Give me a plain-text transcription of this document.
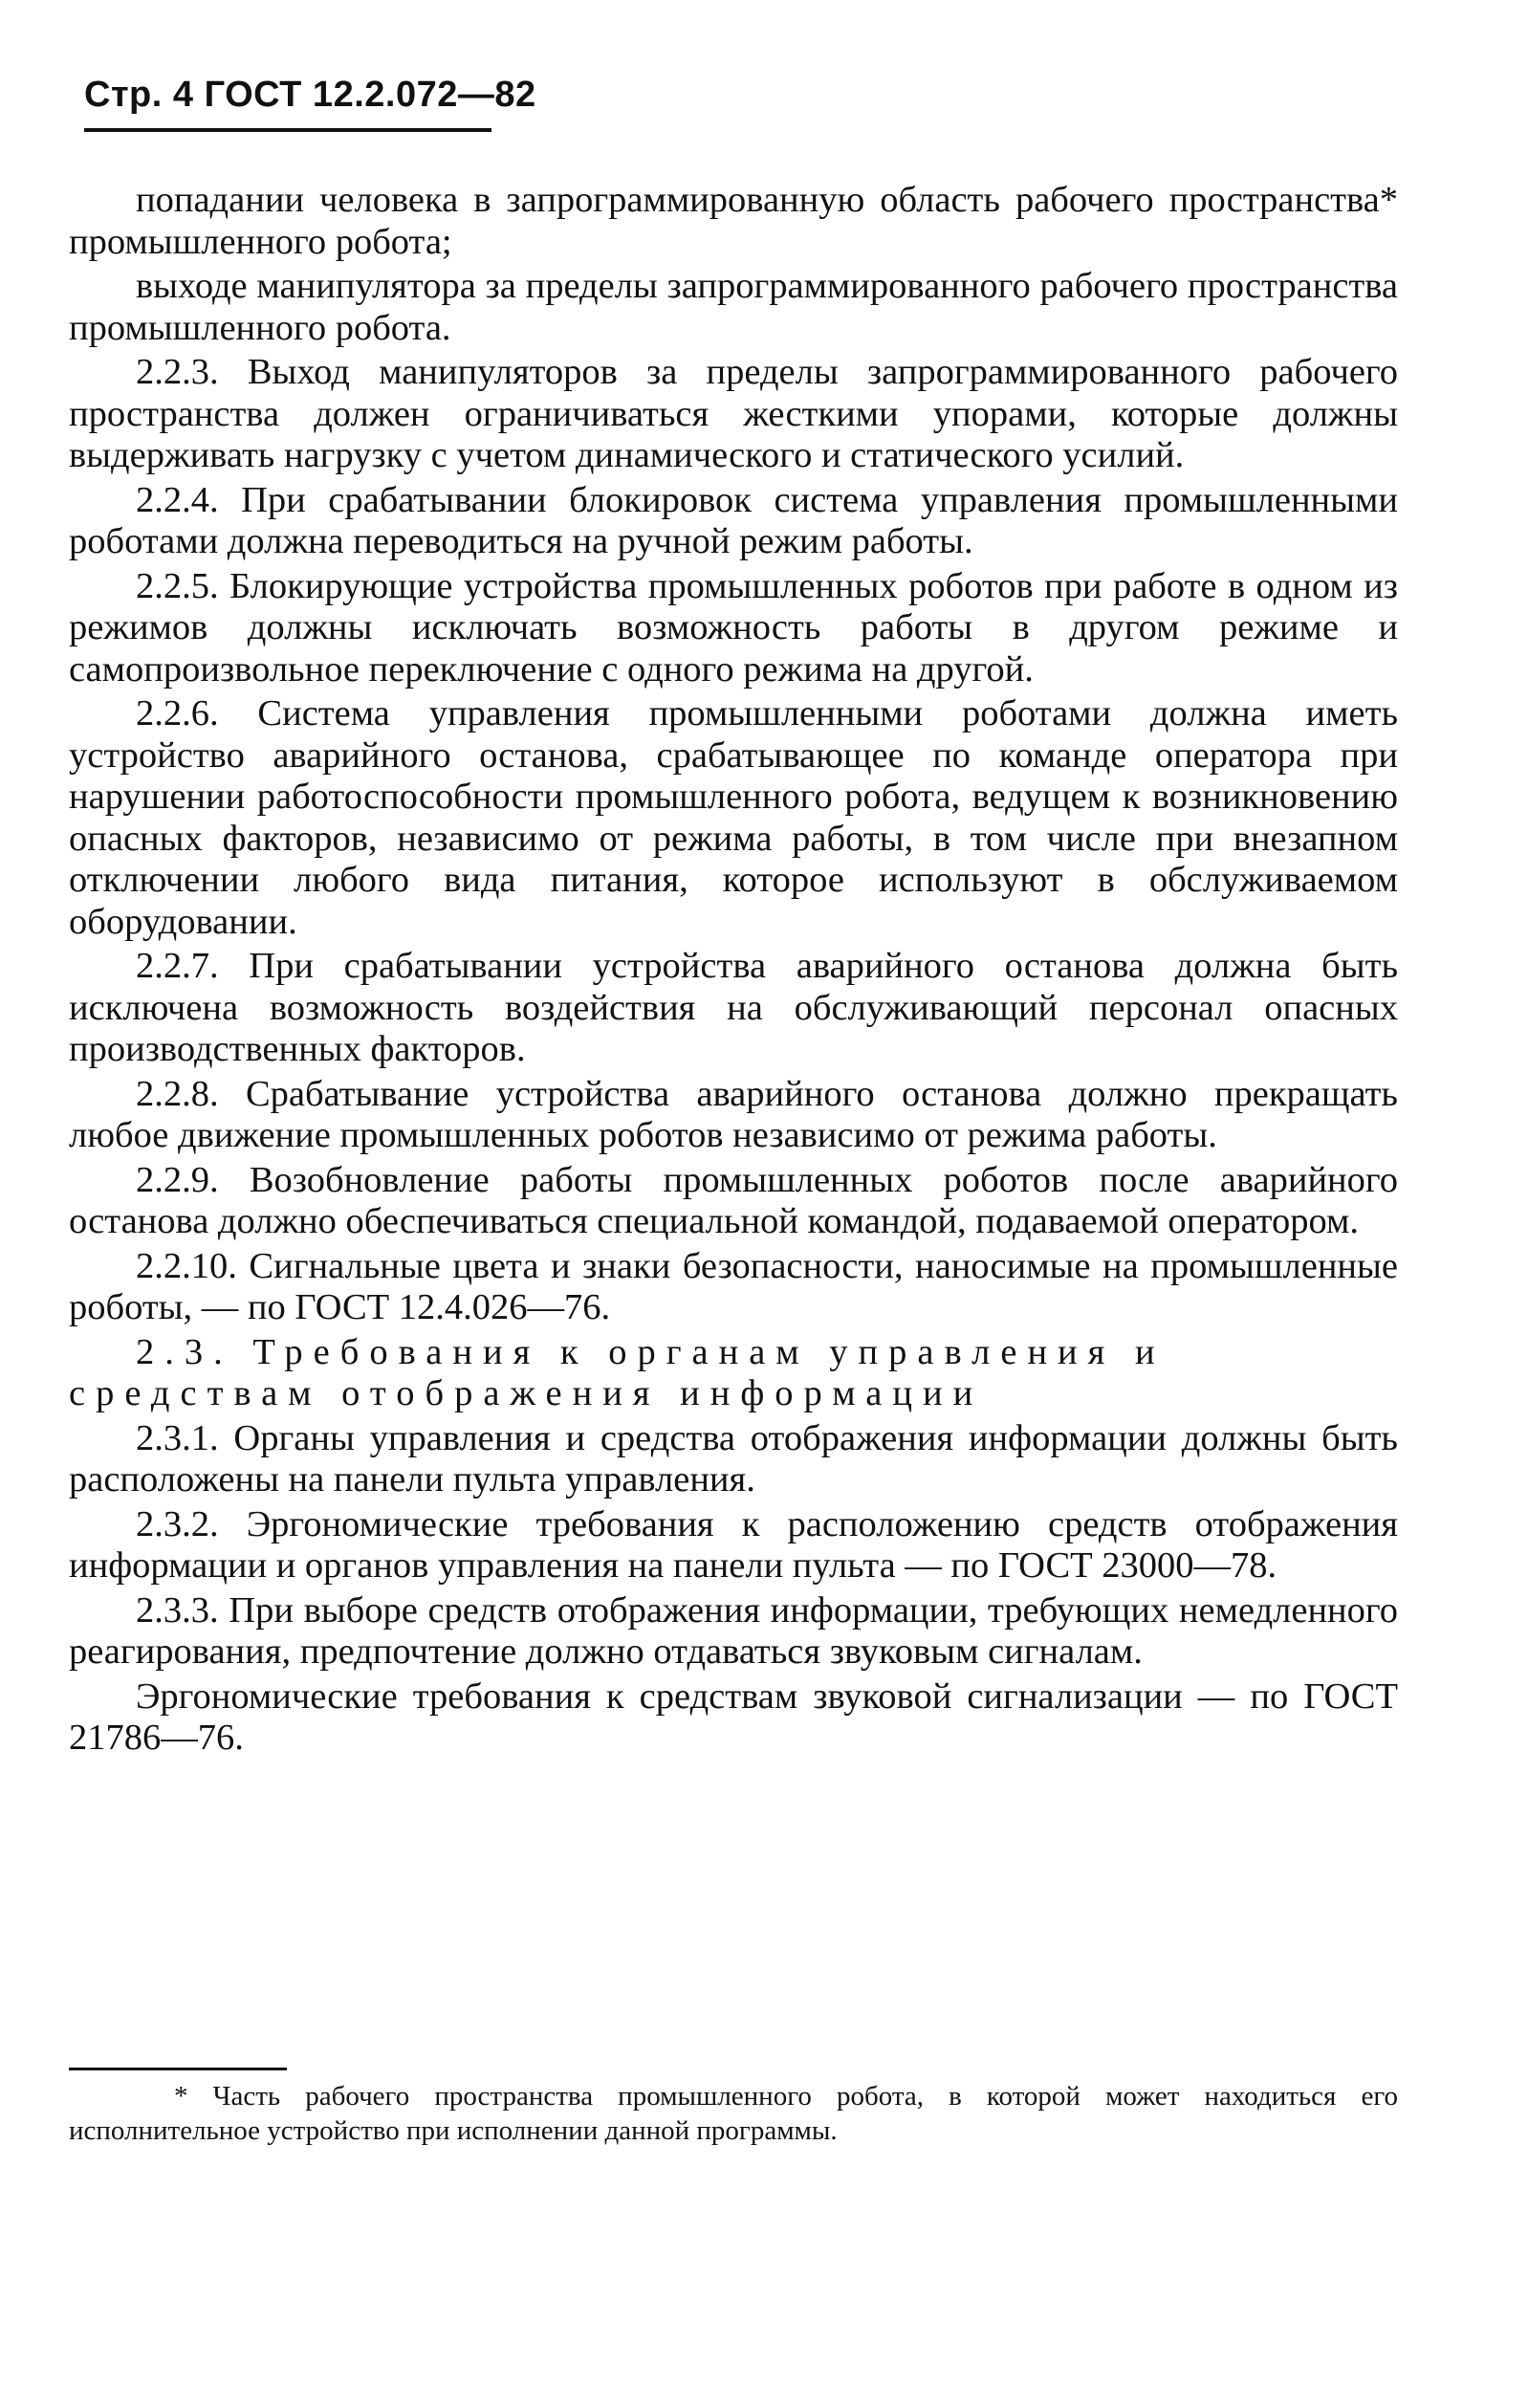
Стр. 4 ГОСТ 12.2.072—82

попадании человека в запрограммированную область рабочего пространства* промышленного робота;

выходе манипулятора за пределы запрограммированного рабочего пространства промышленного робота.

2.2.3. Выход манипуляторов за пределы запрограммированного рабочего пространства должен ограничиваться жесткими упорами, которые должны выдерживать нагрузку с учетом динамического и статического усилий.

2.2.4. При срабатывании блокировок система управления промышленными роботами должна переводиться на ручной режим работы.

2.2.5. Блокирующие устройства промышленных роботов при работе в одном из режимов должны исключать возможность работы в другом режиме и самопроизвольное переключение с одного режима на другой.

2.2.6. Система управления промышленными роботами должна иметь устройство аварийного останова, срабатывающее по команде оператора при нарушении работоспособности промышленного робота, ведущем к возникновению опасных факторов, независимо от режима работы, в том числе при внезапном отключении любого вида питания, которое используют в обслуживаемом оборудовании.

2.2.7. При срабатывании устройства аварийного останова должна быть исключена возможность воздействия на обслуживающий персонал опасных производственных факторов.

2.2.8. Срабатывание устройства аварийного останова должно прекращать любое движение промышленных роботов независимо от режима работы.

2.2.9. Возобновление работы промышленных роботов после аварийного останова должно обеспечиваться специальной командой, подаваемой оператором.

2.2.10. Сигнальные цвета и знаки безопасности, наносимые на промышленные роботы, — по ГОСТ 12.4.026—76.

2.3. Требования к органам управления и средствам отображения информации

2.3.1. Органы управления и средства отображения информации должны быть расположены на панели пульта управления.

2.3.2. Эргономические требования к расположению средств отображения информации и органов управления на панели пульта — по ГОСТ 23000—78.

2.3.3. При выборе средств отображения информации, требующих немедленного реагирования, предпочтение должно отдаваться звуковым сигналам.

Эргономические требования к средствам звуковой сигнализации — по ГОСТ 21786—76.

* Часть рабочего пространства промышленного робота, в которой может находиться его исполнительное устройство при исполнении данной программы.
